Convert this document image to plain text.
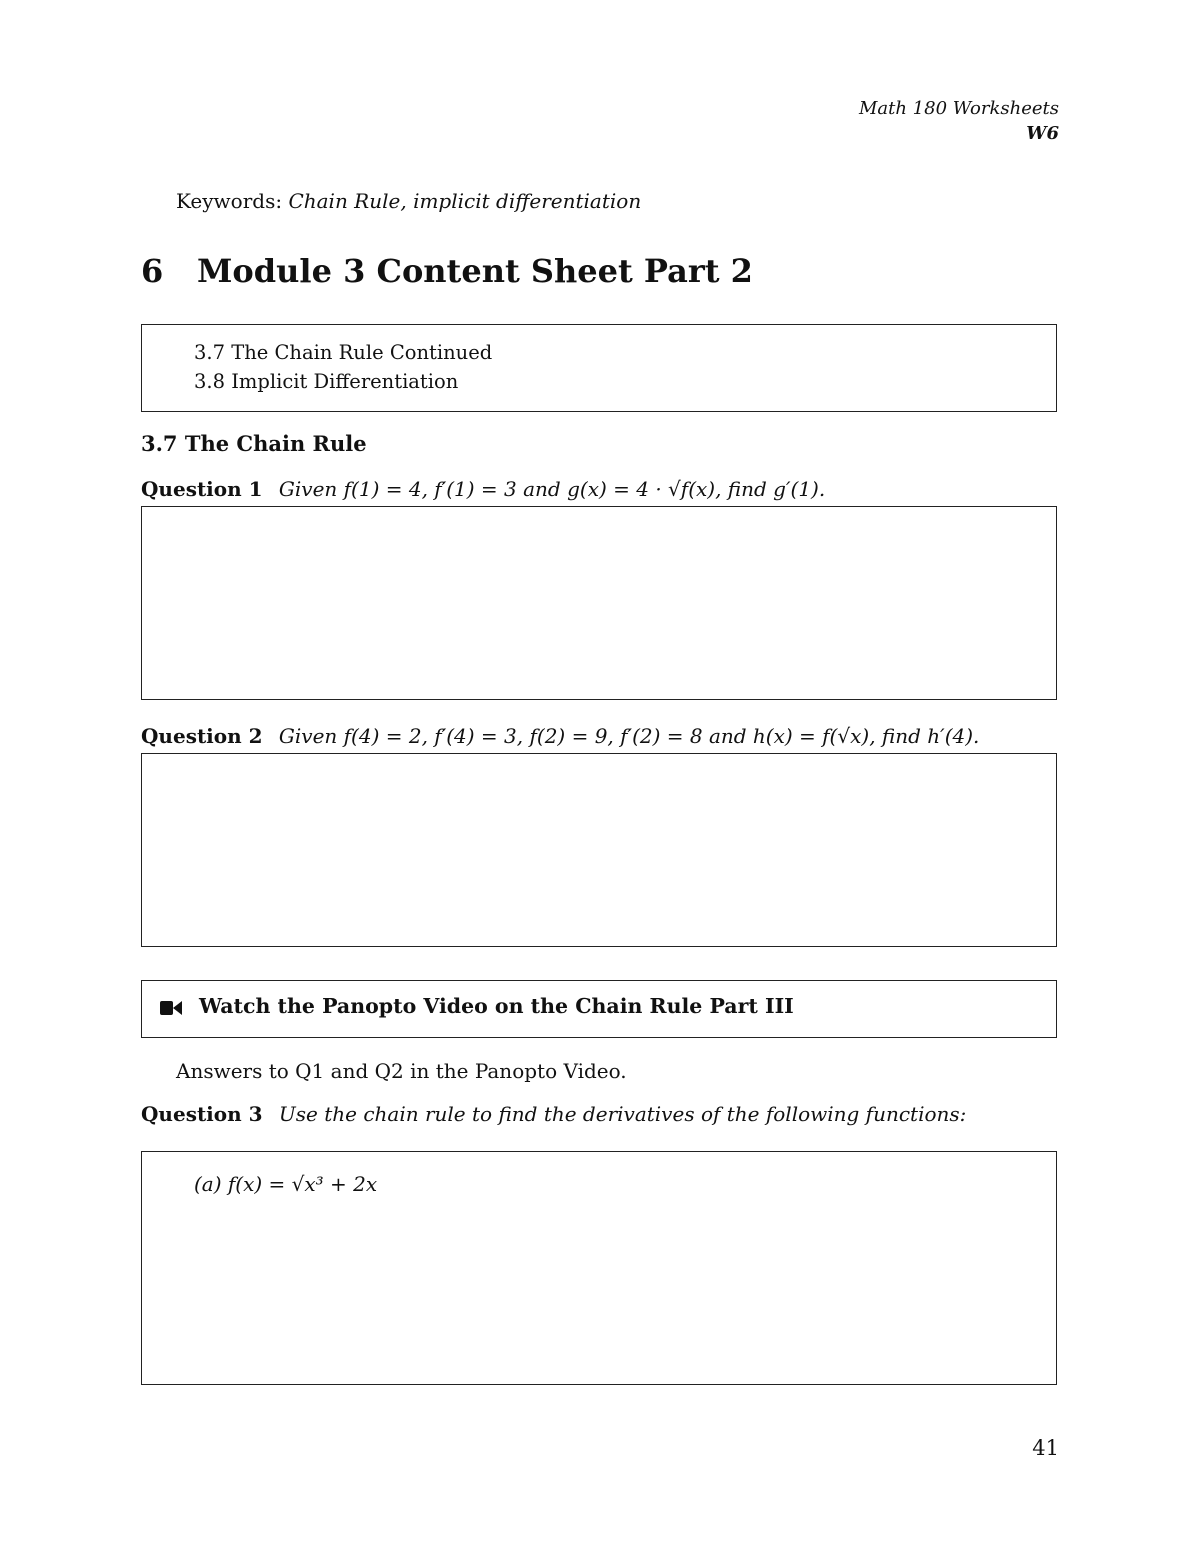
Math 180 Worksheets
W6
Keywords: Chain Rule, implicit differentiation
6 Module 3 Content Sheet Part 2
3.7 The Chain Rule Continued
3.8 Implicit Differentiation
3.7 The Chain Rule
Question 1 Given f(1) = 4, f′(1) = 3 and g(x) = 4 · √f(x), find g′(1).
Question 2 Given f(4) = 2, f′(4) = 3, f(2) = 9, f′(2) = 8 and h(x) = f(√x), find h′(4).
Watch the Panopto Video on the Chain Rule Part III
Answers to Q1 and Q2 in the Panopto Video.
Question 3 Use the chain rule to find the derivatives of the following functions:
(a) f(x) = √x³ + 2x
41
